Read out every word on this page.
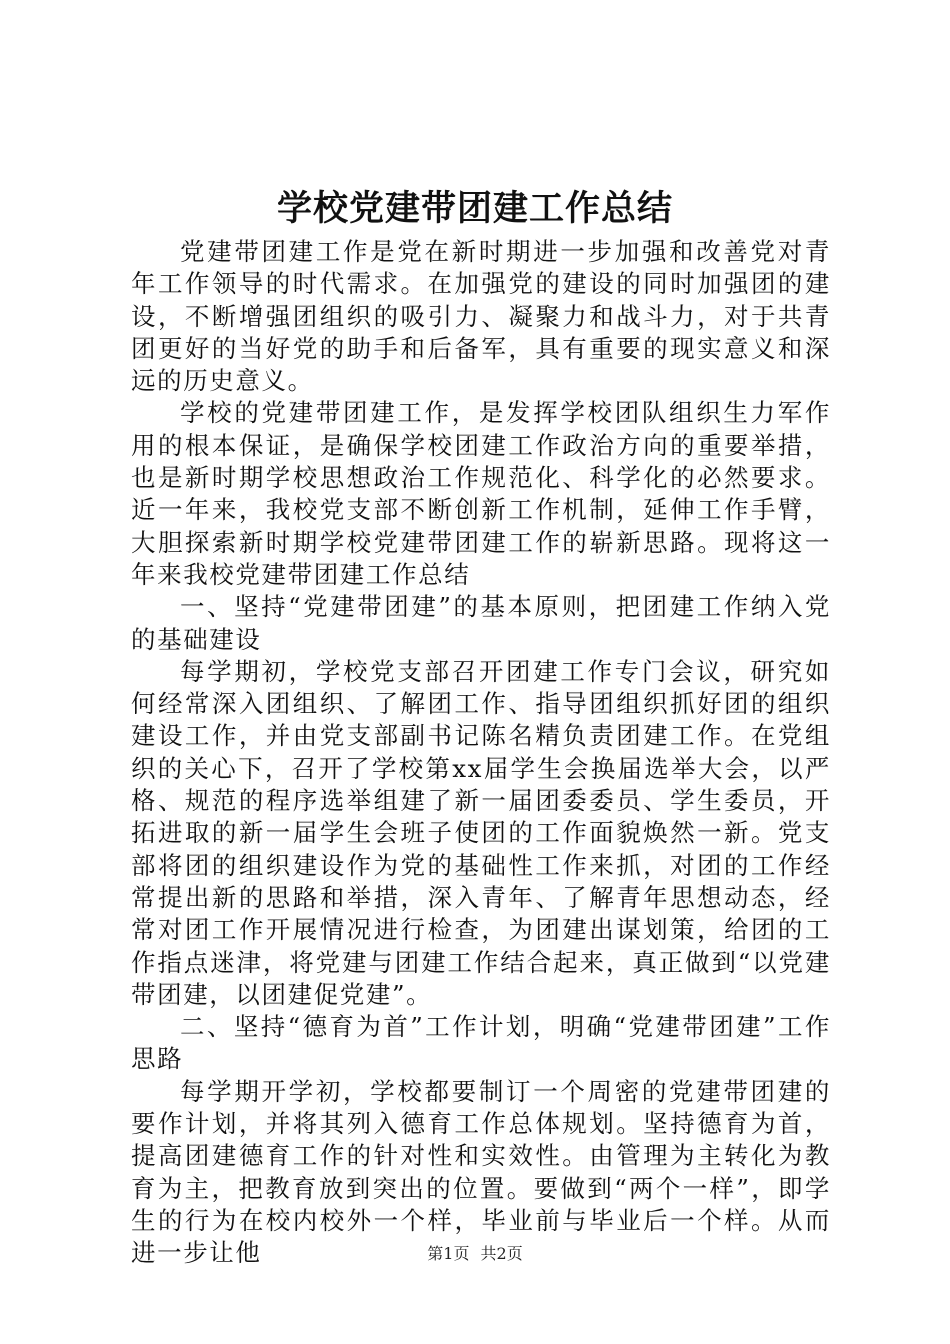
学校党建带团建工作总结

党建带团建工作是党在新时期进一步加强和改善党对青年工作领导的时代需求。在加强党的建设的同时加强团的建设，不断增强团组织的吸引力、凝聚力和战斗力，对于共青团更好的当好党的助手和后备军，具有重要的现实意义和深远的历史意义。

学校的党建带团建工作，是发挥学校团队组织生力军作用的根本保证，是确保学校团建工作政治方向的重要举措，也是新时期学校思想政治工作规范化、科学化的必然要求。近一年来，我校党支部不断创新工作机制，延伸工作手臂，大胆探索新时期学校党建带团建工作的崭新思路。现将这一年来我校党建带团建工作总结

一、坚持“党建带团建”的基本原则，把团建工作纳入党的基础建设

每学期初，学校党支部召开团建工作专门会议，研究如何经常深入团组织、了解团工作、指导团组织抓好团的组织建设工作，并由党支部副书记陈名精负责团建工作。在党组织的关心下，召开了学校第xx届学生会换届选举大会，以严格、规范的程序选举组建了新一届团委委员、学生委员，开拓进取的新一届学生会班子使团的工作面貌焕然一新。党支部将团的组织建设作为党的基础性工作来抓，对团的工作经常提出新的思路和举措，深入青年、了解青年思想动态，经常对团工作开展情况进行检查，为团建出谋划策，给团的工作指点迷津，将党建与团建工作结合起来，真正做到“以党建带团建，以团建促党建”。

二、坚持“德育为首”工作计划，明确“党建带团建”工作思路

每学期开学初，学校都要制订一个周密的党建带团建的要作计划，并将其列入德育工作总体规划。坚持德育为首，提高团建德育工作的针对性和实效性。由管理为主转化为教育为主，把教育放到突出的位置。要做到“两个一样”，即学生的行为在校内校外一个样，毕业前与毕业后一个样。从而进一步让他	第1页 共2页
